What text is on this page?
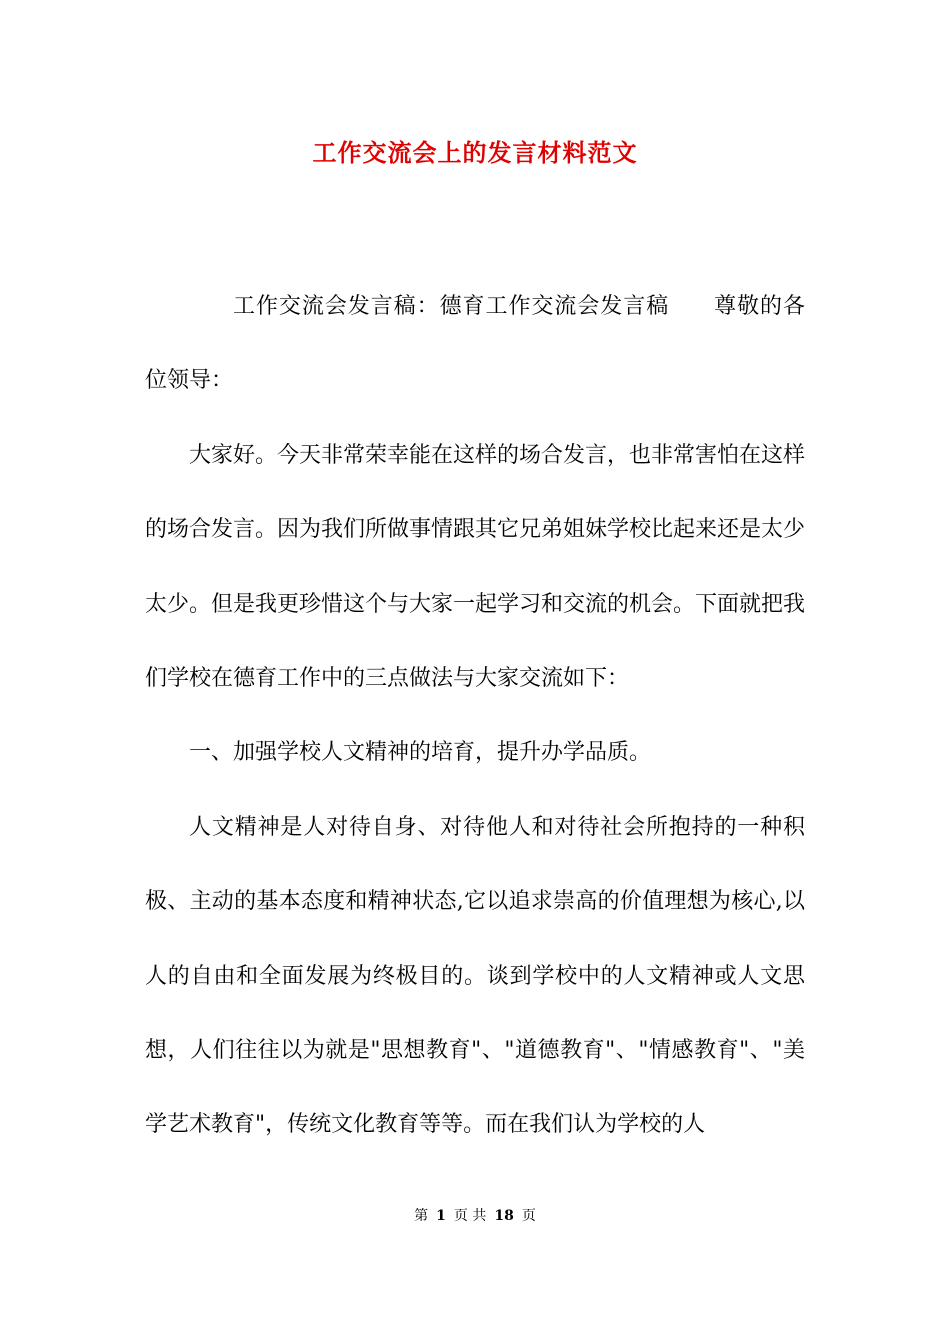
工作交流会上的发言材料范文

工作交流会发言稿：德育工作交流会发言稿 尊敬的各位领导：

大家好。今天非常荣幸能在这样的场合发言，也非常害怕在这样的场合发言。因为我们所做事情跟其它兄弟姐妹学校比起来还是太少太少。但是我更珍惜这个与大家一起学习和交流的机会。下面就把我们学校在德育工作中的三点做法与大家交流如下：

一、加强学校人文精神的培育，提升办学品质。

人文精神是人对待自身、对待他人和对待社会所抱持的一种积极、主动的基本态度和精神状态,它以追求崇高的价值理想为核心,以人的自由和全面发展为终极目的。谈到学校中的人文精神或人文思想，人们往往以为就是"思想教育"、"道德教育"、"情感教育"、"美学艺术教育"，传统文化教育等等。而在我们认为学校的人

第 1 页 共 18 页
